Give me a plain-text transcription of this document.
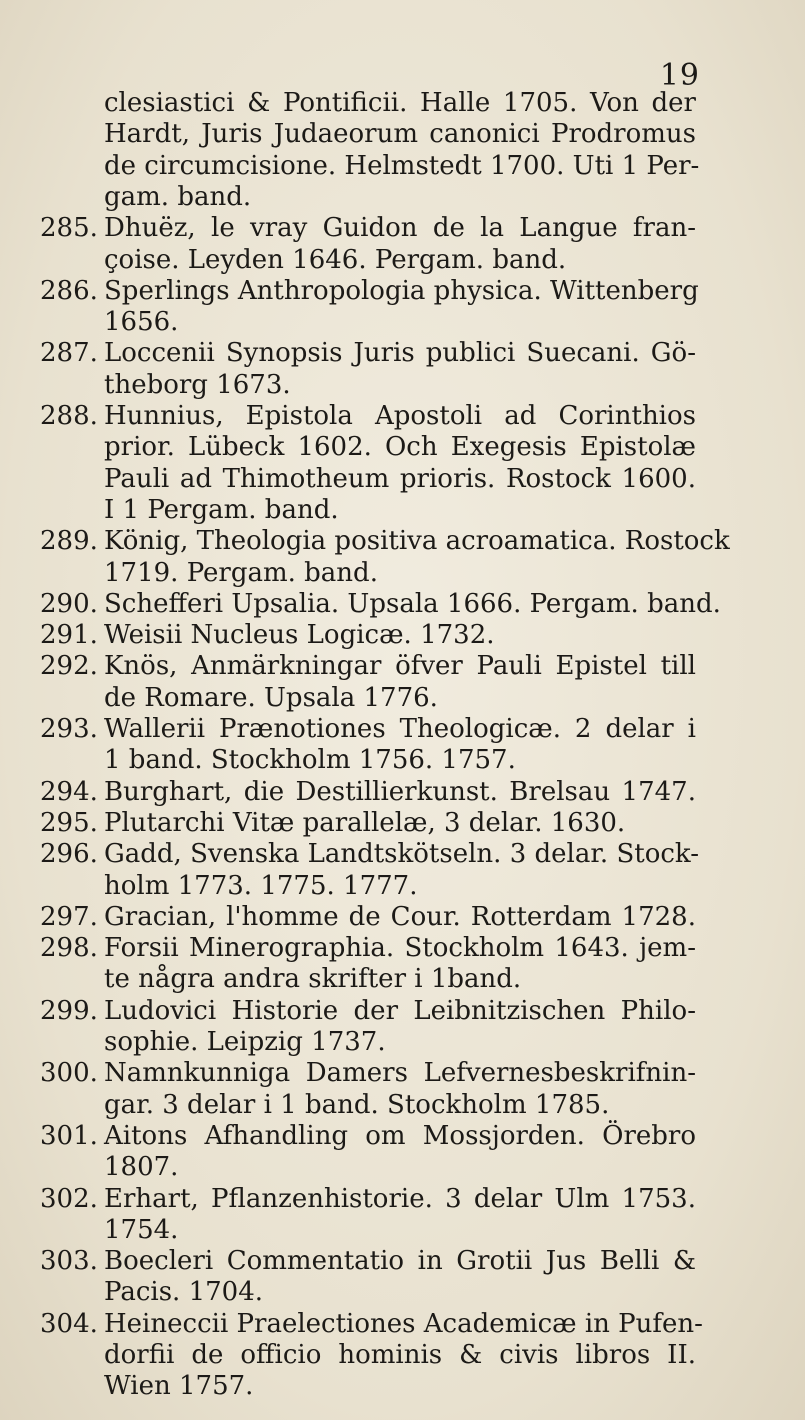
19
clesiastici & Pontificii. Halle 1705. Von der
Hardt, Juris Judaeorum canonici Prodromus
de circumcisione. Helmstedt 1700. Uti 1 Per-
gam. band.
285. Dhuëz, le vray Guidon de la Langue fran-
çoise. Leyden 1646. Pergam. band.
286. Sperlings Anthropologia physica. Wittenberg
1656.
287. Loccenii Synopsis Juris publici Suecani. Gö-
theborg 1673.
288. Hunnius, Epistola Apostoli ad Corinthios
prior. Lübeck 1602. Och Exegesis Epistolæ
Pauli ad Thimotheum prioris. Rostock 1600.
I 1 Pergam. band.
289. König, Theologia positiva acroamatica. Rostock
1719. Pergam. band.
290. Schefferi Upsalia. Upsala 1666. Pergam. band.
291. Weisii Nucleus Logicæ. 1732.
292. Knös, Anmärkningar öfver Pauli Epistel till
de Romare. Upsala 1776.
293. Wallerii Prænotiones Theologicæ. 2 delar i
1 band. Stockholm 1756. 1757.
294. Burghart, die Destillierkunst. Brelsau 1747.
295. Plutarchi Vitæ parallelæ, 3 delar. 1630.
296. Gadd, Svenska Landtskötseln. 3 delar. Stock-
holm 1773. 1775. 1777.
297. Gracian, l'homme de Cour. Rotterdam 1728.
298. Forsii Minerographia. Stockholm 1643. jem-
te några andra skrifter i 1band.
299. Ludovici Historie der Leibnitzischen Philo-
sophie. Leipzig 1737.
300. Namnkunniga Damers Lefvernesbeskrifnin-
gar. 3 delar i 1 band. Stockholm 1785.
301. Aitons Afhandling om Mossjorden. Örebro
1807.
302. Erhart, Pflanzenhistorie. 3 delar Ulm 1753.
1754.
303. Boecleri Commentatio in Grotii Jus Belli &
Pacis. 1704.
304. Heineccii Praelectiones Academicæ in Pufen-
dorfii de officio hominis & civis libros II.
Wien 1757.
